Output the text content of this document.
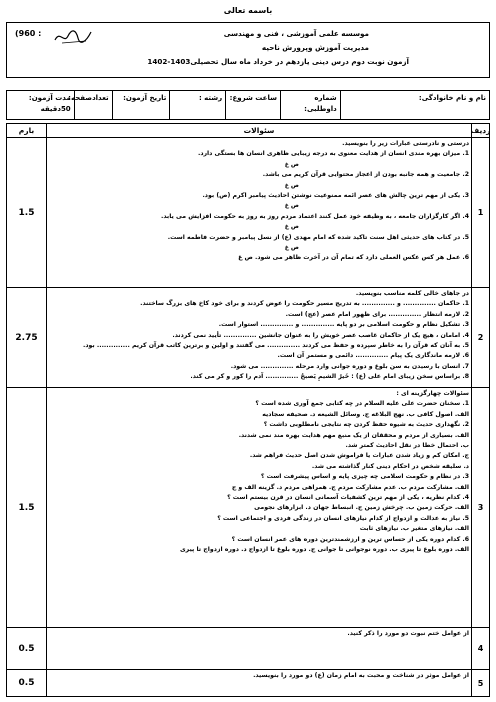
باسمه تعالی
موسسه علمی آموزشی ، فنی و مهندسی
مدیریت آموزش وپرورش ناحیه
آزمون نوبت دوم درس دینی یازدهم در خرداد ماه سال تحصیلی1403-1402
(960 :
نام و نام خانوادگی:
شماره داوطلبی:
ساعت شروع:
رشته :
تاریخ آزمون:
تعدادصفحه:
مدت آزمون:
50دقیقه
ردیف
سئوالات
بارم
1
درستی و نادرستی عبارات زیر را بنویسید.
1. میزان بهره مندی انسان از هدایت معنوی به درجه زیبایی ظاهری انسان ها بستگی دارد.
ص غ
2. جامعیت و همه جانبه بودن از اعجاز محتوایی قرآن کریم می باشد.
ص غ
3. یکی از مهم ترین چالش های عصر ائمه ممنوعیت نوشتن احادیث پیامبر اکرم (ص) بود.
ص غ
4. اگر کارگزاران جامعه ، به وظیفه خود عمل کنند اعتماد مردم روز به روز به حکومت افزایش می یابد.
ص غ
5. در کتاب های حدیثی اهل سنت تاکید شده که امام مهدی (ع) از نسل پیامبر و حضرت فاطمه است.
ص غ
6. عمل هر کس عکس العملی دارد که تمام آن در آخرت ظاهر می شود. ص غ
1.5
2
در جاهای خالی کلمه مناسب بنویسید.
1. حاکمان .............. و .............. به تدریج مسیر حکومت را عوض کردند و برای خود کاخ های بزرگ ساختند.
2. لازمه انتظار .............. برای ظهور امام عصر (عج) است.
3. تشکیل نظام و حکومت اسلامی بر دو پایه .............. و .............. استوار است.
4. امامان ، هیچ یک از حاکمان غاصب عصر خویش را به عنوان جانشین .............. تأیید نمی کردند.
5. به آنان که قرآن را به خاطر سپرده و حفظ می کردند .............. می گفتند و اولین و برترین کاتب قرآن کریم .............. بود.
6. لازمه ماندگاری یک پیام .............. دائمی و مستمر آن است.
7. انسان با رسیدن به سن بلوغ و دوره جوانی وارد مرحله .............. می شود.
8. براساس سخن زیبای امام علی (ع) : خَیرُ الشیمِ یَصبحُ .............. آدم را کور و کر می کند.
2.75
3
سئوالات چهارگزینه ای :
1. سخنان حضرت علی علیه السلام در چه کتابی جمع آوری شده است ؟
الف. اصول کافی ب. نهج البلاغه ج. وسائل الشیعه د. صحیفه سجادیه
2. نگهداری حدیث به شیوه حفظ کردن چه نتایجی نامطلوبی داشت ؟
الف. بسیاری از مردم و محققان از یک منبع مهم هدایت بهره مند نمی شدند.
ب. احتمال خطا در نقل احادیث کمتر شد.
ج. امکان کم و زیاد شدن عبارات یا فراموش شدن اصل حدیث فراهم شد.
د. سلیقه شخص در احکام دینی کنار گذاشته می شد.
3. در نظام و حکومت اسلامی چه چیزی پایه و اساس پیشرفت است ؟
الف. مشارکت مردم ب. عدم مشارکت مردم ج. همراهی مردم د. گزینه الف و ج
4. کدام نظریه ، یکی از مهم ترین کشفیات آسمانی انسان در قرن بیستم است ؟
الف. حرکت زمین ب. چرخش زمین ج. انبساط جهان د. ابزارهای نجومی
5. نیاز به عدالت و ازدواج از کدام نیازهای انسان در زندگی فردی و اجتماعی است ؟
الف. نیازهای متغیر ب. نیازهای ثابت
6. کدام دوره یکی از حساس ترین و ارزشمندترین دوره های عمر انسان است ؟
الف. دوره بلوغ تا پیری ب. دوره نوجوانی تا جوانی ج. دوره بلوغ تا ازدواج د. دوره ازدواج تا پیری
1.5
4
از عوامل ختم نبوت دو مورد را ذکر کنید.
0.5
5
از عوامل موثر در شناخت و محبت به امام زمان (ع) دو مورد را بنویسید.
0.5
